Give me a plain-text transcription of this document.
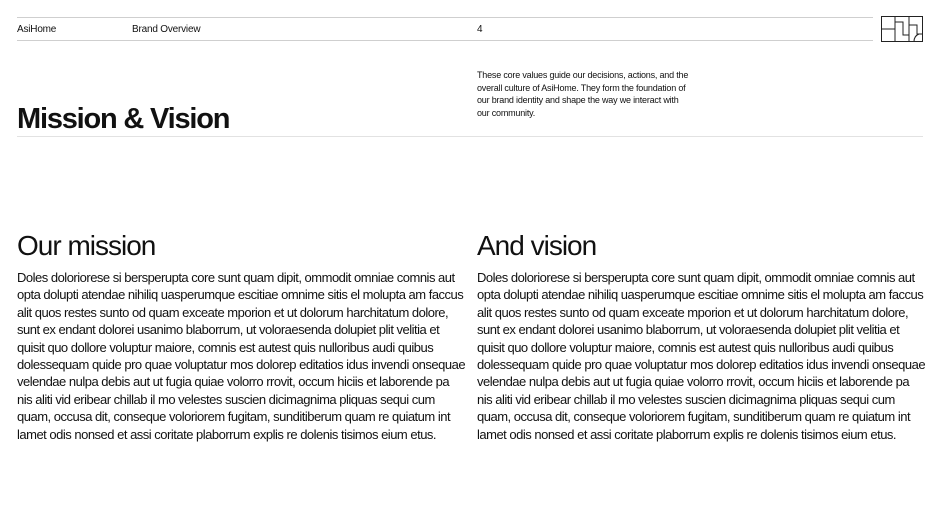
AsiHome	Brand Overview	4
Mission & Vision

These core values guide our decisions, actions, and the overall culture of AsiHome. They form the foundation of our brand identity and shape the way we interact with our community.

Our mission

Doles doloriorese si bersperupta core sunt quam dipit, ommodit omniae comnis aut opta dolupti atendae nihiliq uasperumque escitiae omnime sitis el molupta am faccus alit quos restes sunto od quam exceate mporion et ut dolorum harchitatum dolore, sunt ex endant dolorei usanimo blaborrum, ut voloraesenda dolupiet plit velitia et quisit quo dollore voluptur maiore, comnis est autest quis nulloribus audi quibus dolessequam quide pro quae voluptatur mos dolorep editatios idus invendi onsequae velendae nulpa debis aut ut fugia quiae volorro rrovit, occum hiciis et laborende pa nis aliti vid eribear chillab il mo velestes suscien dicimagnima pliquas sequi cum quam, occusa dit, conseque voloriorem fugitam, sunditiberum quam re quiatum int lamet odis nonsed et assi coritate plaborrum explis re dolenis tisimos eium etus.

And vision

Doles doloriorese si bersperupta core sunt quam dipit, ommodit omniae comnis aut opta dolupti atendae nihiliq uasperumque escitiae omnime sitis el molupta am faccus alit quos restes sunto od quam exceate mporion et ut dolorum harchitatum dolore, sunt ex endant dolorei usanimo blaborrum, ut voloraesenda dolupiet plit velitia et quisit quo dollore voluptur maiore, comnis est autest quis nulloribus audi quibus dolessequam quide pro quae voluptatur mos dolorep editatios idus invendi onsequae velendae nulpa debis aut ut fugia quiae volorro rrovit, occum hiciis et laborende pa nis aliti vid eribear chillab il mo velestes suscien dicimagnima pliquas sequi cum quam, occusa dit, conseque voloriorem fugitam, sunditiberum quam re quiatum int lamet odis nonsed et assi coritate plaborrum explis re dolenis tisimos eium etus.
